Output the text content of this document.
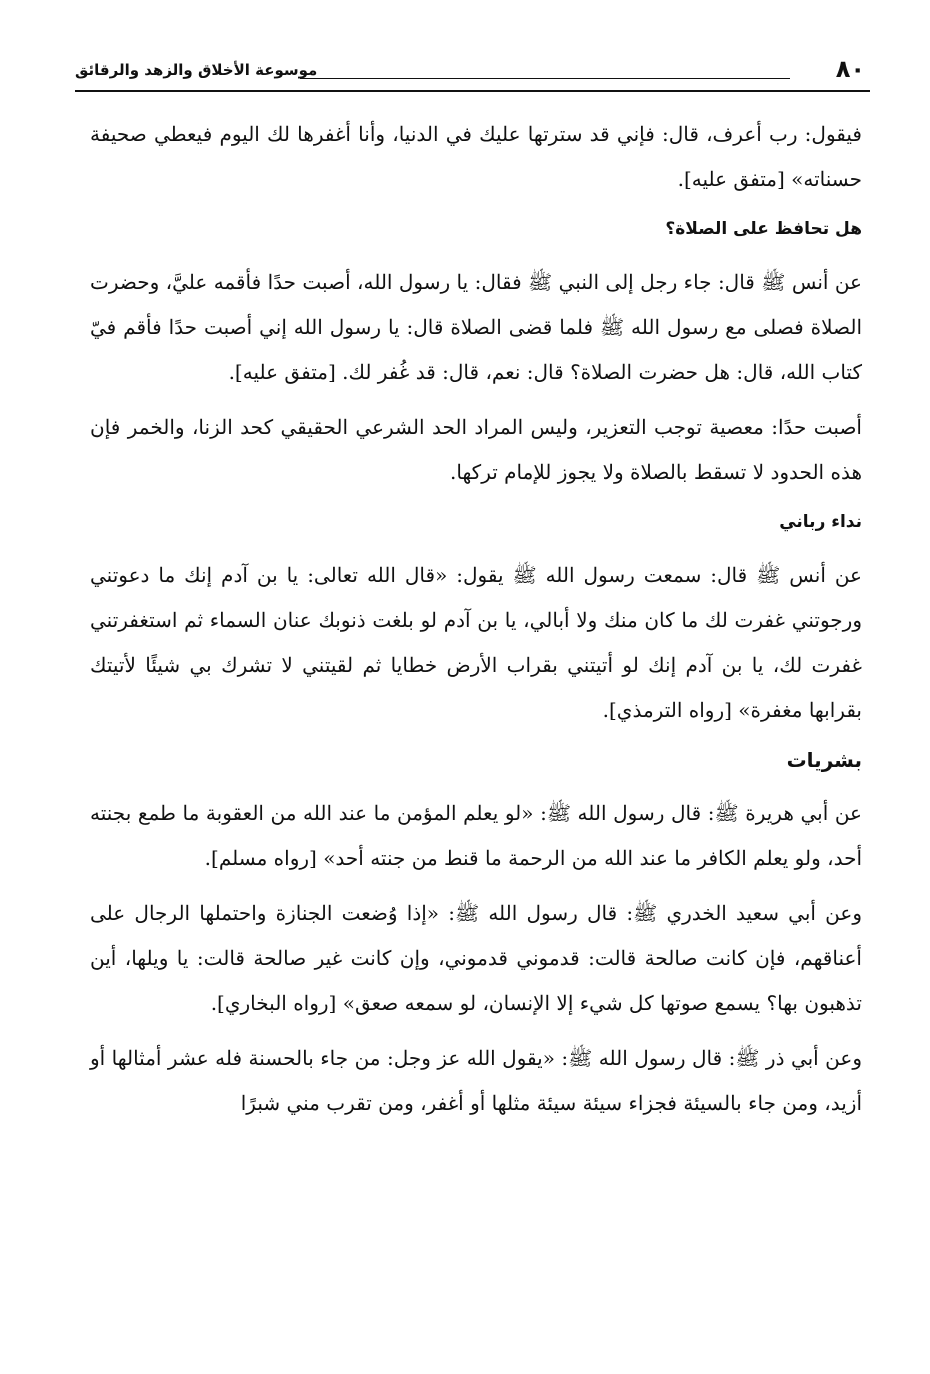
٨٠
موسوعة الأخلاق والزهد والرقائق

فيقول: رب أعرف، قال: فإني قد سترتها عليك في الدنيا، وأنا أغفرها لك اليوم فيعطي صحيفة حسناته» [متفق عليه].

هل تحافظ على الصلاة؟

عن أنس ﷺ قال: جاء رجل إلى النبي ﷺ فقال: يا رسول الله، أصبت حدًا فأقمه عليَّ، وحضرت الصلاة فصلى مع رسول الله ﷺ فلما قضى الصلاة قال: يا رسول الله إني أصبت حدًا فأقم فيّ كتاب الله، قال: هل حضرت الصلاة؟ قال: نعم، قال: قد غُفر لك. [متفق عليه].

أصبت حدًا: معصية توجب التعزير، وليس المراد الحد الشرعي الحقيقي كحد الزنا، والخمر فإن هذه الحدود لا تسقط بالصلاة ولا يجوز للإمام تركها.

نداء رباني

عن أنس ﷺ قال: سمعت رسول الله ﷺ يقول: «قال الله تعالى: يا بن آدم إنك ما دعوتني ورجوتني غفرت لك ما كان منك ولا أبالي، يا بن آدم لو بلغت ذنوبك عنان السماء ثم استغفرتني غفرت لك، يا بن آدم إنك لو أتيتني بقراب الأرض خطايا ثم لقيتني لا تشرك بي شيئًا لأتيتك بقرابها مغفرة» [رواه الترمذي].

بشريات

عن أبي هريرة ﷺ: قال رسول الله ﷺ: «لو يعلم المؤمن ما عند الله من العقوبة ما طمع بجنته أحد، ولو يعلم الكافر ما عند الله من الرحمة ما قنط من جنته أحد» [رواه مسلم].

وعن أبي سعيد الخدري ﷺ: قال رسول الله ﷺ: «إذا وُضعت الجنازة واحتملها الرجال على أعناقهم، فإن كانت صالحة قالت: قدموني قدموني، وإن كانت غير صالحة قالت: يا ويلها، أين تذهبون بها؟ يسمع صوتها كل شيء إلا الإنسان، لو سمعه صعق» [رواه البخاري].

وعن أبي ذر ﷺ: قال رسول الله ﷺ: «يقول الله عز وجل: من جاء بالحسنة فله عشر أمثالها أو أزيد، ومن جاء بالسيئة فجزاء سيئة سيئة مثلها أو أغفر، ومن تقرب مني شبرًا
